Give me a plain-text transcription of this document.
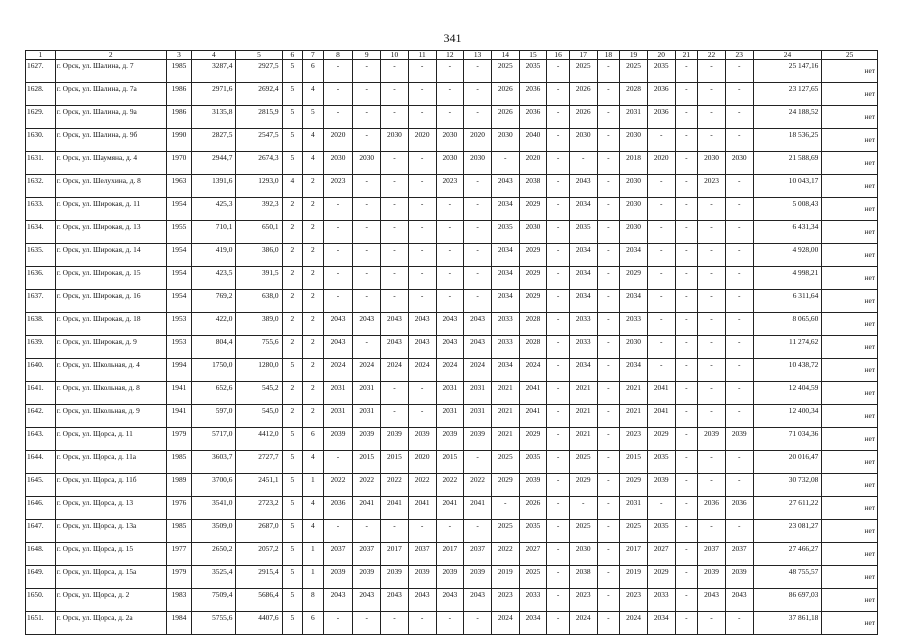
341
1	2	3	4	5	6	7	8	9	10	11	12	13	14	15	16	17	18	19	20	21	22	23	24	25
1627.	г. Орск, ул. Шалина, д. 7	1985	3287,4	2927,5	5	6	-	-	-	-	-	-	2025	2035	-	2025	-	2025	2035	-	-	-	25 147,16	нет
1628.	г. Орск, ул. Шалина, д. 7а	1986	2971,6	2692,4	5	4	-	-	-	-	-	-	2026	2036	-	2026	-	2028	2036	-	-	-	23 127,65	нет
1629.	г. Орск, ул. Шалина, д. 9а	1986	3135,8	2815,9	5	5	-	-	-	-	-	-	2026	2036	-	2026	-	2031	2036	-	-	-	24 188,52	нет
1630.	г. Орск, ул. Шалина, д. 9б	1990	2827,5	2547,5	5	4	2020	-	2030	2020	2030	2020	2030	2040	-	2030	-	2030	-	-	-	-	18 536,25	нет
1631.	г. Орск, ул. Шаумяна, д. 4	1970	2944,7	2674,3	5	4	2030	2030	-	-	2030	2030	-	2020	-	-	-	2018	2020	-	2030	2030	21 588,69	нет
1632.	г. Орск, ул. Шелухина, д. 8	1963	1391,6	1293,0	4	2	2023	-	-	-	2023	-	2043	2038	-	2043	-	2030	-	-	2023	-	10 043,17	нет
1633.	г. Орск, ул. Широкая, д. 11	1954	425,3	392,3	2	2	-	-	-	-	-	-	2034	2029	-	2034	-	2030	-	-	-	-	5 008,43	нет
1634.	г. Орск, ул. Широкая, д. 13	1955	710,1	650,1	2	2	-	-	-	-	-	-	2035	2030	-	2035	-	2030	-	-	-	-	6 431,34	нет
1635.	г. Орск, ул. Широкая, д. 14	1954	419,0	386,0	2	2	-	-	-	-	-	-	2034	2029	-	2034	-	2034	-	-	-	-	4 928,00	нет
1636.	г. Орск, ул. Широкая, д. 15	1954	423,5	391,5	2	2	-	-	-	-	-	-	2034	2029	-	2034	-	2029	-	-	-	-	4 998,21	нет
1637.	г. Орск, ул. Широкая, д. 16	1954	769,2	638,0	2	2	-	-	-	-	-	-	2034	2029	-	2034	-	2034	-	-	-	-	6 311,64	нет
1638.	г. Орск, ул. Широкая, д. 18	1953	422,0	389,0	2	2	2043	2043	2043	2043	2043	2043	2033	2028	-	2033	-	2033	-	-	-	-	8 065,60	нет
1639.	г. Орск, ул. Широкая, д. 9	1953	804,4	755,6	2	2	2043	-	2043	2043	2043	2043	2033	2028	-	2033	-	2030	-	-	-	-	11 274,62	нет
1640.	г. Орск, ул. Школьная, д. 4	1994	1750,0	1280,0	5	2	2024	2024	2024	2024	2024	2024	2034	2024	-	2034	-	2034	-	-	-	-	10 438,72	нет
1641.	г. Орск, ул. Школьная, д. 8	1941	652,6	545,2	2	2	2031	2031	-	-	2031	2031	2021	2041	-	2021	-	2021	2041	-	-	-	12 404,59	нет
1642.	г. Орск, ул. Школьная, д. 9	1941	597,0	545,0	2	2	2031	2031	-	-	2031	2031	2021	2041	-	2021	-	2021	2041	-	-	-	12 400,34	нет
1643.	г. Орск, ул. Щорса, д. 11	1979	5717,0	4412,0	5	6	2039	2039	2039	2039	2039	2039	2021	2029	-	2021	-	2023	2029	-	2039	2039	71 034,36	нет
1644.	г. Орск, ул. Щорса, д. 11а	1985	3603,7	2727,7	5	4	-	2015	2015	2020	2015	-	2025	2035	-	2025	-	2015	2035	-	-	-	20 016,47	нет
1645.	г. Орск, ул. Щорса, д. 11б	1989	3700,6	2451,1	5	1	2022	2022	2022	2022	2022	2022	2029	2039	-	2029	-	2029	2039	-	-	-	30 732,08	нет
1646.	г. Орск, ул. Щорса, д. 13	1976	3541,0	2723,2	5	4	2036	2041	2041	2041	2041	2041	-	2026	-	-	-	2031	-	-	2036	2036	27 611,22	нет
1647.	г. Орск, ул. Щорса, д. 13а	1985	3509,0	2687,0	5	4	-	-	-	-	-	-	2025	2035	-	2025	-	2025	2035	-	-	-	23 081,27	нет
1648.	г. Орск, ул. Щорса, д. 15	1977	2650,2	2057,2	5	1	2037	2037	2017	2037	2017	2037	2022	2027	-	2030	-	2017	2027	-	2037	2037	27 466,27	нет
1649.	г. Орск, ул. Щорса, д. 15а	1979	3525,4	2915,4	5	1	2039	2039	2039	2039	2039	2039	2019	2025	-	2038	-	2019	2029	-	2039	2039	48 755,57	нет
1650.	г. Орск, ул. Щорса, д. 2	1983	7509,4	5686,4	5	8	2043	2043	2043	2043	2043	2043	2023	2033	-	2023	-	2023	2033	-	2043	2043	86 697,03	нет
1651.	г. Орск, ул. Щорса, д. 2а	1984	5755,6	4407,6	5	6	-	-	-	-	-	-	2024	2034	-	2024	-	2024	2034	-	-	-	37 861,18	нет
